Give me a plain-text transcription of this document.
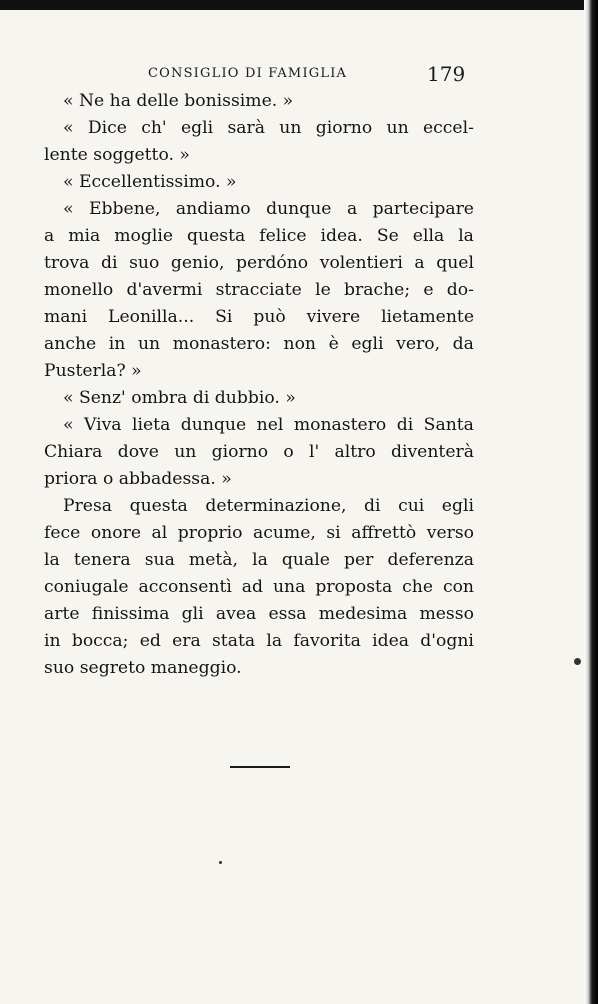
CONSIGLIO DI FAMIGLIA	179
« Ne ha delle bonissime. »
« Dice ch' egli sarà un giorno un eccel-
lente soggetto. »
« Eccellentissimo. »
« Ebbene, andiamo dunque a partecipare
a mia moglie questa felice idea. Se ella la
trova di suo genio, perdóno volentieri a quel
monello d'avermi stracciate le brache; e do-
mani Leonilla... Si può vivere lietamente
anche in un monastero: non è egli vero, da
Pusterla? »
« Senz' ombra di dubbio. »
« Viva lieta dunque nel monastero di Santa
Chiara dove un giorno o l' altro diventerà
priora o abbadessa. »
Presa questa determinazione, di cui egli
fece onore al proprio acume, si affrettò verso
la tenera sua metà, la quale per deferenza
coniugale acconsentì ad una proposta che con
arte finissima gli avea essa medesima messo
in bocca; ed era stata la favorita idea d'ogni
suo segreto maneggio.
